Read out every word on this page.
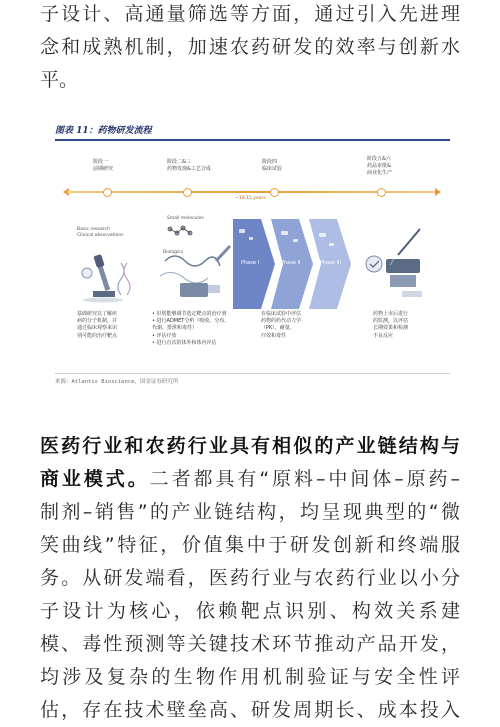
子设计、高通量筛选等方面，通过引入先进理
念和成熟机制，加速农药研发的效率与创新水
平。

图表 11：药物研发流程
阶段一
前期研究
阶段二&三
药物发现&工艺合成
阶段四
临床试验
阶段五&六
药品审批&
商业化生产
~10-15 years
Basic research
Clinical observations
Small molecules
Biologics
Phase I	Phase II	Phase III
基础研究以了解疾
病的分子机制，并
通过临床观察来识
别可能的治疗靶点
• 识别能够调节选定靶点的治疗剂
• 进行ADMET分析（吸收、分布、
代谢、排泄和毒性）
• 评估疗效
• 进行首次的体外和体内评估
在临床试验中评估
药物的药代动力学
（PK）、耐量、
疗效和毒性
药物上市后进行
的监测，以评估
长期效果和检测
不良反应
来源：Atlantis Bioscience，国金证券研究所

医药行业和农药行业具有相似的产业链结构与
商业模式。二者都具有“原料–中间体–原药–
制剂–销售”的产业链结构，均呈现典型的“微
笑曲线”特征，价值集中于研发创新和终端服
务。从研发端看，医药行业与农药行业以小分
子设计为核心，依赖靶点识别、构效关系建
模、毒性预测等关键技术环节推动产品开发，
均涉及复杂的生物作用机制验证与安全性评
估，存在技术壁垒高、研发周期长、成本投入
